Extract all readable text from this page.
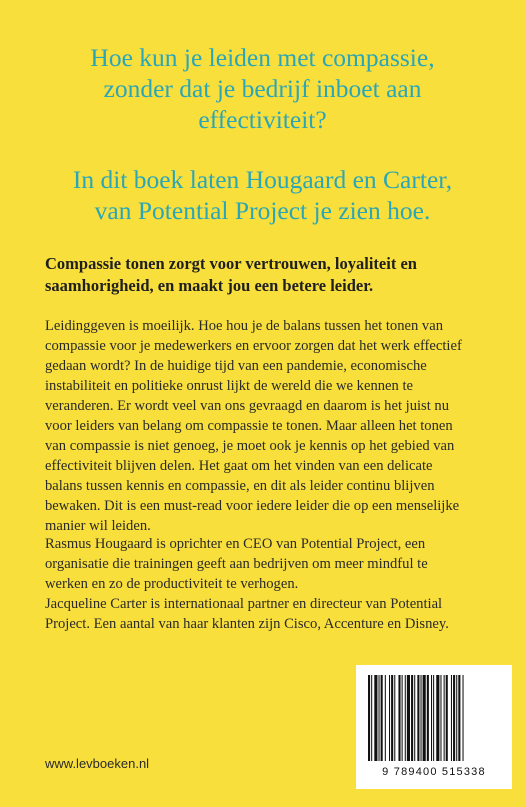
Hoe kun je leiden met compassie,
zonder dat je bedrijf inboet aan
effectiviteit?
In dit boek laten Hougaard en Carter,
van Potential Project je zien hoe.
Compassie tonen zorgt voor vertrouwen, loyaliteit en
saamhorigheid, en maakt jou een betere leider.
Leidinggeven is moeilijk. Hoe hou je de balans tussen het tonen van
compassie voor je medewerkers en ervoor zorgen dat het werk effectief
gedaan wordt? In de huidige tijd van een pandemie, economische
instabiliteit en politieke onrust lijkt de wereld die we kennen te
veranderen. Er wordt veel van ons gevraagd en daarom is het juist nu
voor leiders van belang om compassie te tonen. Maar alleen het tonen
van compassie is niet genoeg, je moet ook je kennis op het gebied van
effectiviteit blijven delen. Het gaat om het vinden van een delicate
balans tussen kennis en compassie, en dit als leider continu blijven
bewaken. Dit is een must-read voor iedere leider die op een menselijke
manier wil leiden.
Rasmus Hougaard is oprichter en CEO van Potential Project, een
organisatie die trainingen geeft aan bedrijven om meer mindful te
werken en zo de productiviteit te verhogen.
Jacqueline Carter is internationaal partner en directeur van Potential
Project. Een aantal van haar klanten zijn Cisco, Accenture en Disney.
www.levboeken.nl
9 789400 515338
